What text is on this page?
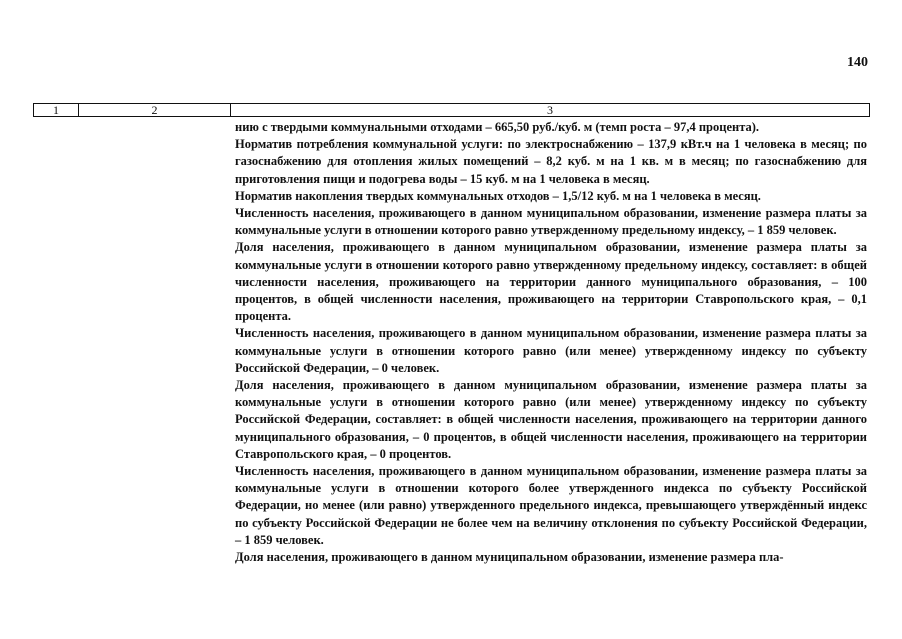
140
1	2	3

нию с твердыми коммунальными отходами – 665,50 руб./куб. м (темп роста – 97,4 процента).

Норматив потребления коммунальной услуги: по электроснабжению – 137,9 кВт.ч на 1 человека в месяц; по газоснабжению для отопления жилых помещений – 8,2 куб. м на 1 кв. м в месяц; по газоснабжению для приготовления пищи и подогрева воды – 15 куб. м на 1 человека в месяц.

Норматив накопления твердых коммунальных отходов – 1,5/12 куб. м на 1 человека в месяц.

Численность населения, проживающего в данном муниципальном образовании, изменение размера платы за коммунальные услуги в отношении которого равно утвержденному предельному индексу, – 1 859 человек.

Доля населения, проживающего в данном муниципальном образовании, изменение размера платы за коммунальные услуги в отношении которого равно утвержденному предельному индексу, составляет: в общей численности населения, проживающего на территории данного муниципального образования, – 100 процентов, в общей численности населения, проживающего на территории Ставропольского края, – 0,1 процента.

Численность населения, проживающего в данном муниципальном образовании, изменение размера платы за коммунальные услуги в отношении которого равно (или менее) утвержденному индексу по субъекту Российской Федерации, – 0 человек.

Доля населения, проживающего в данном муниципальном образовании, изменение размера платы за коммунальные услуги в отношении которого равно (или менее) утвержденному индексу по субъекту Российской Федерации, составляет: в общей численности населения, проживающего на территории данного муниципального образования, – 0 процентов, в общей численности населения, проживающего на территории Ставропольского края, – 0 процентов.

Численность населения, проживающего в данном муниципальном образовании, изменение размера платы за коммунальные услуги в отношении которого более утвержденного индекса по субъекту Российской Федерации, но менее (или равно) утвержденного предельного индекса, превышающего утверждённый индекс по субъекту Российской Федерации не более чем на величину отклонения по субъекту Российской Федерации, – 1 859 человек.

Доля населения, проживающего в данном муниципальном образовании, изменение размера пла-
